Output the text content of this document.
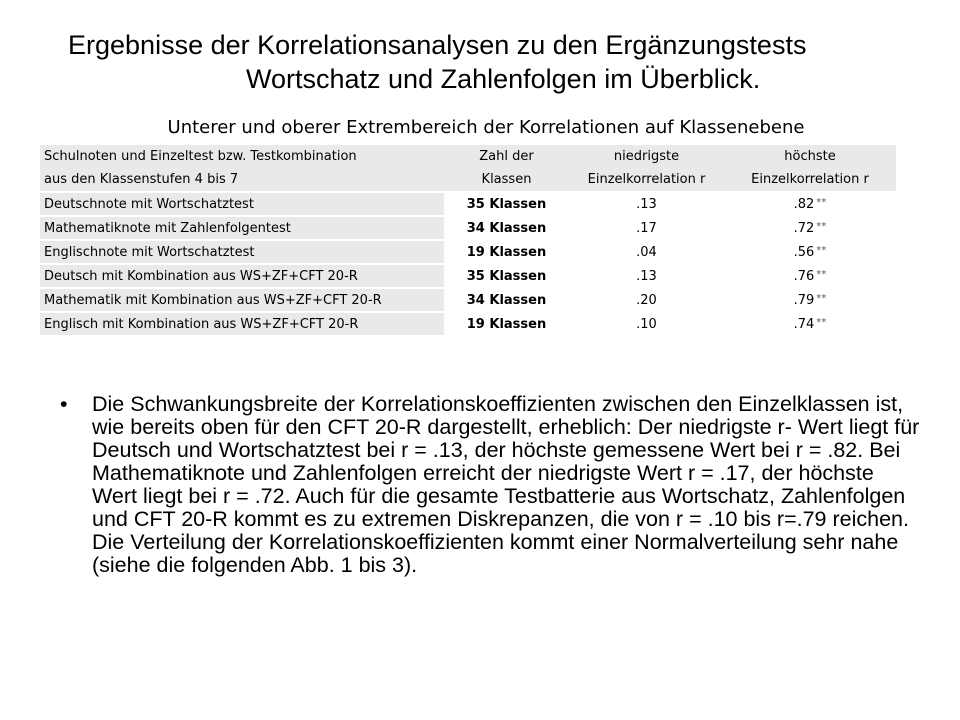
Ergebnisse der Korrelationsanalysen zu den Ergänzungstests
Wortschatz und Zahlenfolgen im Überblick.
Unterer und oberer Extrembereich der Korrelationen auf Klassenebene
Schulnoten und Einzeltest bzw. Testkombination	Zahl der	niedrigste	höchste
aus den Klassenstufen 4 bis 7	Klassen	Einzelkorrelation r	Einzelkorrelation r
Deutschnote mit Wortschatztest	35 Klassen	.13	.82 **
Mathematiknote mit Zahlenfolgentest	34 Klassen	.17	.72 **
Englischnote mit Wortschatztest	19 Klassen	.04	.56 **
Deutsch mit Kombination aus WS+ZF+CFT 20-R	35 Klassen	.13	.76 **
Mathematik mit Kombination aus WS+ZF+CFT 20-R	34 Klassen	.20	.79 **
Englisch mit Kombination aus WS+ZF+CFT 20-R	19 Klassen	.10	.74 **
• Die Schwankungsbreite der Korrelationskoeffizienten zwischen den Einzelklassen ist, wie bereits oben für den CFT 20-R dargestellt, erheblich: Der niedrigste r- Wert liegt für Deutsch und Wortschatztest bei r = .13, der höchste gemessene Wert bei r = .82. Bei Mathematiknote und Zahlenfolgen erreicht der niedrigste Wert r = .17, der höchste Wert liegt bei r = .72. Auch für die gesamte Testbatterie aus Wortschatz, Zahlenfolgen und CFT 20-R kommt es zu extremen Diskrepanzen, die von r = .10 bis r=.79 reichen. Die Verteilung der Korrelationskoeffizienten kommt einer Normalverteilung sehr nahe (siehe die folgenden Abb. 1 bis 3).
